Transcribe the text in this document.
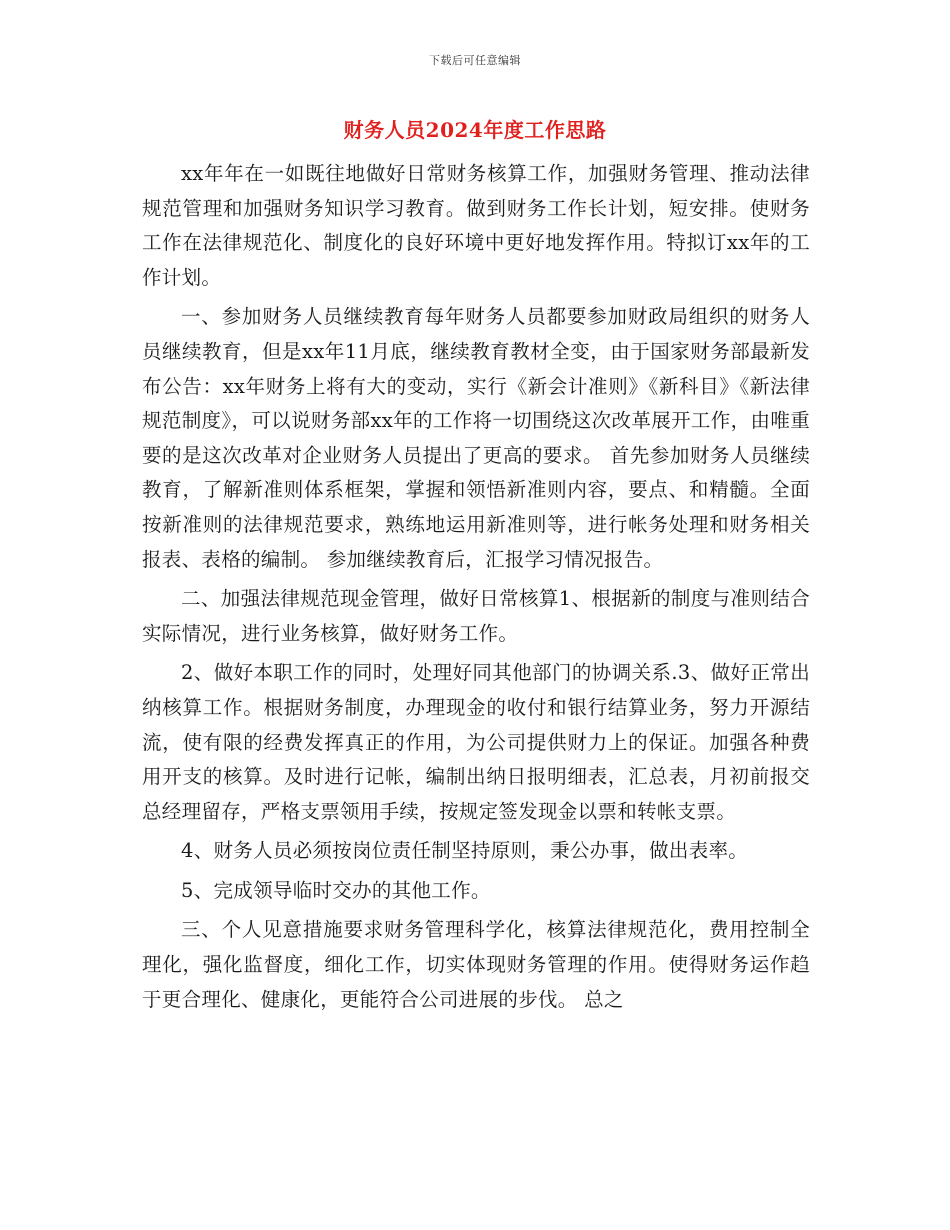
下载后可任意编辑
财务人员2024年度工作思路

xx年年在一如既往地做好日常财务核算工作，加强财务管理、推动法律规范管理和加强财务知识学习教育。做到财务工作长计划，短安排。使财务工作在法律规范化、制度化的良好环境中更好地发挥作用。特拟订xx年的工作计划。

一、参加财务人员继续教育每年财务人员都要参加财政局组织的财务人员继续教育，但是xx年11月底，继续教育教材全变，由于国家财务部最新发布公告：xx年财务上将有大的变动，实行《新会计准则》《新科目》《新法律规范制度》，可以说财务部xx年的工作将一切围绕这次改革展开工作，由唯重要的是这次改革对企业财务人员提出了更高的要求。 首先参加财务人员继续教育，了解新准则体系框架，掌握和领悟新准则内容，要点、和精髓。全面按新准则的法律规范要求，熟练地运用新准则等，进行帐务处理和财务相关报表、表格的编制。 参加继续教育后，汇报学习情况报告。

二、加强法律规范现金管理，做好日常核算1、根据新的制度与准则结合实际情况，进行业务核算，做好财务工作。

2、做好本职工作的同时，处理好同其他部门的协调关系.3、做好正常出纳核算工作。根据财务制度，办理现金的收付和银行结算业务，努力开源结流，使有限的经费发挥真正的作用，为公司提供财力上的保证。加强各种费用开支的核算。及时进行记帐，编制出纳日报明细表，汇总表，月初前报交总经理留存，严格支票领用手续，按规定签发现金以票和转帐支票。

4、财务人员必须按岗位责任制坚持原则，秉公办事，做出表率。

5、完成领导临时交办的其他工作。

三、个人见意措施要求财务管理科学化，核算法律规范化，费用控制全理化，强化监督度，细化工作，切实体现财务管理的作用。使得财务运作趋于更合理化、健康化，更能符合公司进展的步伐。 总之
